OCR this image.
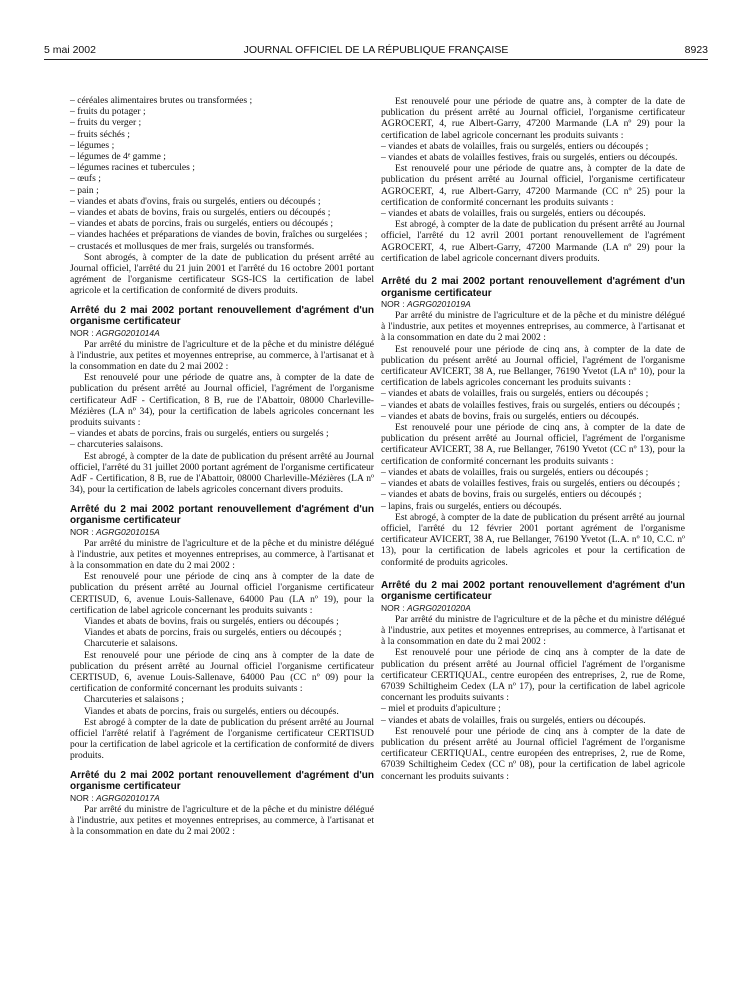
5 mai 2002	JOURNAL OFFICIEL DE LA RÉPUBLIQUE FRANÇAISE	8923

– céréales alimentaires brutes ou transformées ;

– fruits du potager ;

– fruits du verger ;

– fruits séchés ;

– légumes ;

– légumes de 4ᵉ gamme ;

– légumes racines et tubercules ;

– œufs ;

– pain ;

– viandes et abats d'ovins, frais ou surgelés, entiers ou découpés ;

– viandes et abats de bovins, frais ou surgelés, entiers ou découpés ;

– viandes et abats de porcins, frais ou surgelés, entiers ou découpés ;

– viandes hachées et préparations de viandes de bovin, fraîches ou surgelées ;

– crustacés et mollusques de mer frais, surgelés ou transformés.

Sont abrogés, à compter de la date de publication du présent arrêté au Journal officiel, l'arrêté du 21 juin 2001 et l'arrêté du 16 octobre 2001 portant agrément de l'organisme certificateur SGS-ICS la certification de label agricole et la certification de conformité de divers produits.

Arrêté du 2 mai 2002 portant renouvellement d'agrément d'un organisme certificateur

NOR : AGRG0201014A

Par arrêté du ministre de l'agriculture et de la pêche et du ministre délégué à l'industrie, aux petites et moyennes entreprise, au commerce, à l'artisanat et à la consommation en date du 2 mai 2002 :

Est renouvelé pour une période de quatre ans, à compter de la date de publication du présent arrêté au Journal officiel, l'agrément de l'organisme certificateur AdF - Certification, 8 B, rue de l'Abattoir, 08000 Charleville-Mézières (LA nº 34), pour la certification de labels agricoles concernant les produits suivants :

– viandes et abats de porcins, frais ou surgelés, entiers ou surgelés ;

– charcuteries salaisons.

Est abrogé, à compter de la date de publication du présent arrêté au Journal officiel, l'arrêté du 31 juillet 2000 portant agrément de l'organisme certificateur AdF - Certification, 8 B, rue de l'Abattoir, 08000 Charleville-Mézières (LA nº 34), pour la certification de labels agricoles concernant divers produits.

Arrêté du 2 mai 2002 portant renouvellement d'agrément d'un organisme certificateur

NOR : AGRG0201015A

Par arrêté du ministre de l'agriculture et de la pêche et du ministre délégué à l'industrie, aux petites et moyennes entreprises, au commerce, à l'artisanat et à la consommation en date du 2 mai 2002 :

Est renouvelé pour une période de cinq ans à compter de la date de publication du présent arrêté au Journal officiel l'organisme certificateur CERTISUD, 6, avenue Louis-Sallenave, 64000 Pau (LA nº 19), pour la certification de label agricole concernant les produits suivants :

Viandes et abats de bovins, frais ou surgelés, entiers ou découpés ;

Viandes et abats de porcins, frais ou surgelés, entiers ou découpés ;

Charcuterie et salaisons.

Est renouvelé pour une période de cinq ans à compter de la date de publication du présent arrêté au Journal officiel l'organisme certificateur CERTISUD, 6, avenue Louis-Sallenave, 64000 Pau (CC nº 09) pour la certification de conformité concernant les produits suivants :

Charcuteries et salaisons ;

Viandes et abats de porcins, frais ou surgelés, entiers ou découpés.

Est abrogé à compter de la date de publication du présent arrêté au Journal officiel l'arrêté relatif à l'agrément de l'organisme certificateur CERTISUD pour la certification de label agricole et la certification de conformité de divers produits.

Arrêté du 2 mai 2002 portant renouvellement d'agrément d'un organisme certificateur

NOR : AGRG0201017A

Par arrêté du ministre de l'agriculture et de la pêche et du ministre délégué à l'industrie, aux petites et moyennes entreprises, au commerce, à l'artisanat et à la consommation en date du 2 mai 2002 :

Est renouvelé pour une période de quatre ans, à compter de la date de publication du présent arrêté au Journal officiel, l'organisme certificateur AGROCERT, 4, rue Albert-Garry, 47200 Marmande (LA nº 29) pour la certification de label agricole concernant les produits suivants :

– viandes et abats de volailles, frais ou surgelés, entiers ou découpés ;

– viandes et abats de volailles festives, frais ou surgelés, entiers ou découpés.

Est renouvelé pour une période de quatre ans, à compter de la date de publication du présent arrêté au Journal officiel, l'organisme certificateur AGROCERT, 4, rue Albert-Garry, 47200 Marmande (CC nº 25) pour la certification de conformité concernant les produits suivants :

– viandes et abats de volailles, frais ou surgelés, entiers ou découpés.

Est abrogé, à compter de la date de publication du présent arrêté au Journal officiel, l'arrêté du 12 avril 2001 portant renouvellement de l'agrément AGROCERT, 4, rue Albert-Garry, 47200 Marmande (LA nº 29) pour la certification de label agricole concernant divers produits.

Arrêté du 2 mai 2002 portant renouvellement d'agrément d'un organisme certificateur

NOR : AGRG0201019A

Par arrêté du ministre de l'agriculture et de la pêche et du ministre délégué à l'industrie, aux petites et moyennes entreprises, au commerce, à l'artisanat et à la consommation en date du 2 mai 2002 :

Est renouvelé pour une période de cinq ans, à compter de la date de publication du présent arrêté au Journal officiel, l'agrément de l'organisme certificateur AVICERT, 38 A, rue Bellanger, 76190 Yvetot (LA nº 10), pour la certification de labels agricoles concernant les produits suivants :

– viandes et abats de volailles, frais ou surgelés, entiers ou découpés ;

– viandes et abats de volailles festives, frais ou surgelés, entiers ou découpés ;

– viandes et abats de bovins, frais ou surgelés, entiers ou découpés.

Est renouvelé pour une période de cinq ans, à compter de la date de publication du présent arrêté au Journal officiel, l'agrément de l'organisme certificateur AVICERT, 38 A, rue Bellanger, 76190 Yvetot (CC nº 13), pour la certification de conformité concernant les produits suivants :

– viandes et abats de volailles, frais ou surgelés, entiers ou découpés ;

– viandes et abats de volailles festives, frais ou surgelés, entiers ou découpés ;

– viandes et abats de bovins, frais ou surgelés, entiers ou découpés ;

– lapins, frais ou surgelés, entiers ou découpés.

Est abrogé, à compter de la date de publication du présent arrêté au journal officiel, l'arrêté du 12 février 2001 portant agrément de l'organisme certificateur AVICERT, 38 A, rue Bellanger, 76190 Yvetot (L.A. nº 10, C.C. nº 13), pour la certification de labels agricoles et pour la certification de conformité de produits agricoles.

Arrêté du 2 mai 2002 portant renouvellement d'agrément d'un organisme certificateur

NOR : AGRG0201020A

Par arrêté du ministre de l'agriculture et de la pêche et du ministre délégué à l'industrie, aux petites et moyennes entreprises, au commerce, à l'artisanat et à la consommation en date du 2 mai 2002 :

Est renouvelé pour une période de cinq ans à compter de la date de publication du présent arrêté au Journal officiel l'agrément de l'organisme certificateur CERTIQUAL, centre européen des entreprises, 2, rue de Rome, 67039 Schiltigheim Cedex (LA nº 17), pour la certification de label agricole concernant les produits suivants :

– miel et produits d'apiculture ;

– viandes et abats de volailles, frais ou surgelés, entiers ou découpés.

Est renouvelé pour une période de cinq ans à compter de la date de publication du présent arrêté au Journal officiel l'agrément de l'organisme certificateur CERTIQUAL, centre européen des entreprises, 2, rue de Rome, 67039 Schiltigheim Cedex (CC nº 08), pour la certification de label agricole concernant les produits suivants :
